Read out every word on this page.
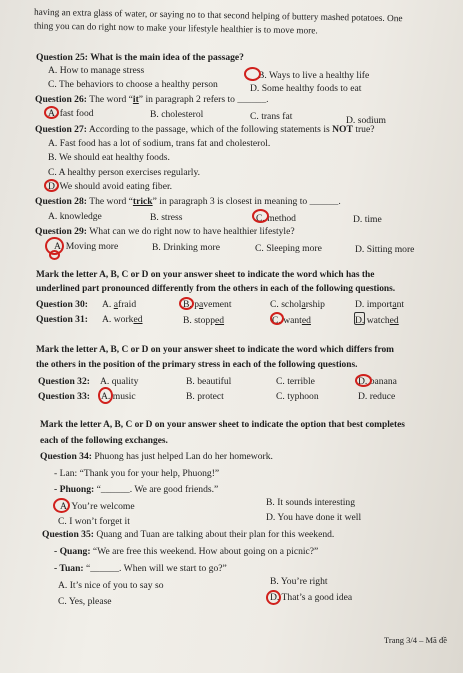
having an extra glass of water, or saying no to that second helping of buttery mashed potatoes. One
thing you can do right now to make your lifestyle healthier is to move more.
Question 25: What is the main idea of the passage?
A. How to manage stress	B. Ways to live a healthy life
C. The behaviors to choose a healthy person	D. Some healthy foods to eat
Question 26: The word “it” in paragraph 2 refers to ______.
A. fast food	B. cholesterol	C. trans fat	D. sodium
Question 27: According to the passage, which of the following statements is NOT true?
A. Fast food has a lot of sodium, trans fat and cholesterol.
B. We should eat healthy foods.
C. A healthy person exercises regularly.
D. We should avoid eating fiber.
Question 28: The word “trick” in paragraph 3 is closest in meaning to ______.
A. knowledge	B. stress	C. method	D. time
Question 29: What can we do right now to have healthier lifestyle?
A. Moving more	B. Drinking more	C. Sleeping more	D. Sitting more
Mark the letter A, B, C or D on your answer sheet to indicate the word which has the
underlined part pronounced differently from the others in each of the following questions.
Question 30: A. afraid	B. pavement	C. scholarship	D. important
Question 31: A. worked	B. stopped	C. wanted	D. watched
Mark the letter A, B, C or D on your answer sheet to indicate the word which differs from
the others in the position of the primary stress in each of the following questions.
Question 32: A. quality	B. beautiful	C. terrible	D. banana
Question 33: A. music	B. protect	C. typhoon	D. reduce
Mark the letter A, B, C or D on your answer sheet to indicate the option that best completes
each of the following exchanges.
Question 34: Phuong has just helped Lan do her homework.
- Lan: “Thank you for your help, Phuong!”
- Phuong: “______. We are good friends.”
A. You’re welcome	B. It sounds interesting
C. I won’t forget it	D. You have done it well
Question 35: Quang and Tuan are talking about their plan for this weekend.
- Quang: “We are free this weekend. How about going on a picnic?”
- Tuan: “______. When will we start to go?”
A. It’s nice of you to say so	B. You’re right
C. Yes, please	D. That’s a good idea
Trang 3/4 – Mã đề
